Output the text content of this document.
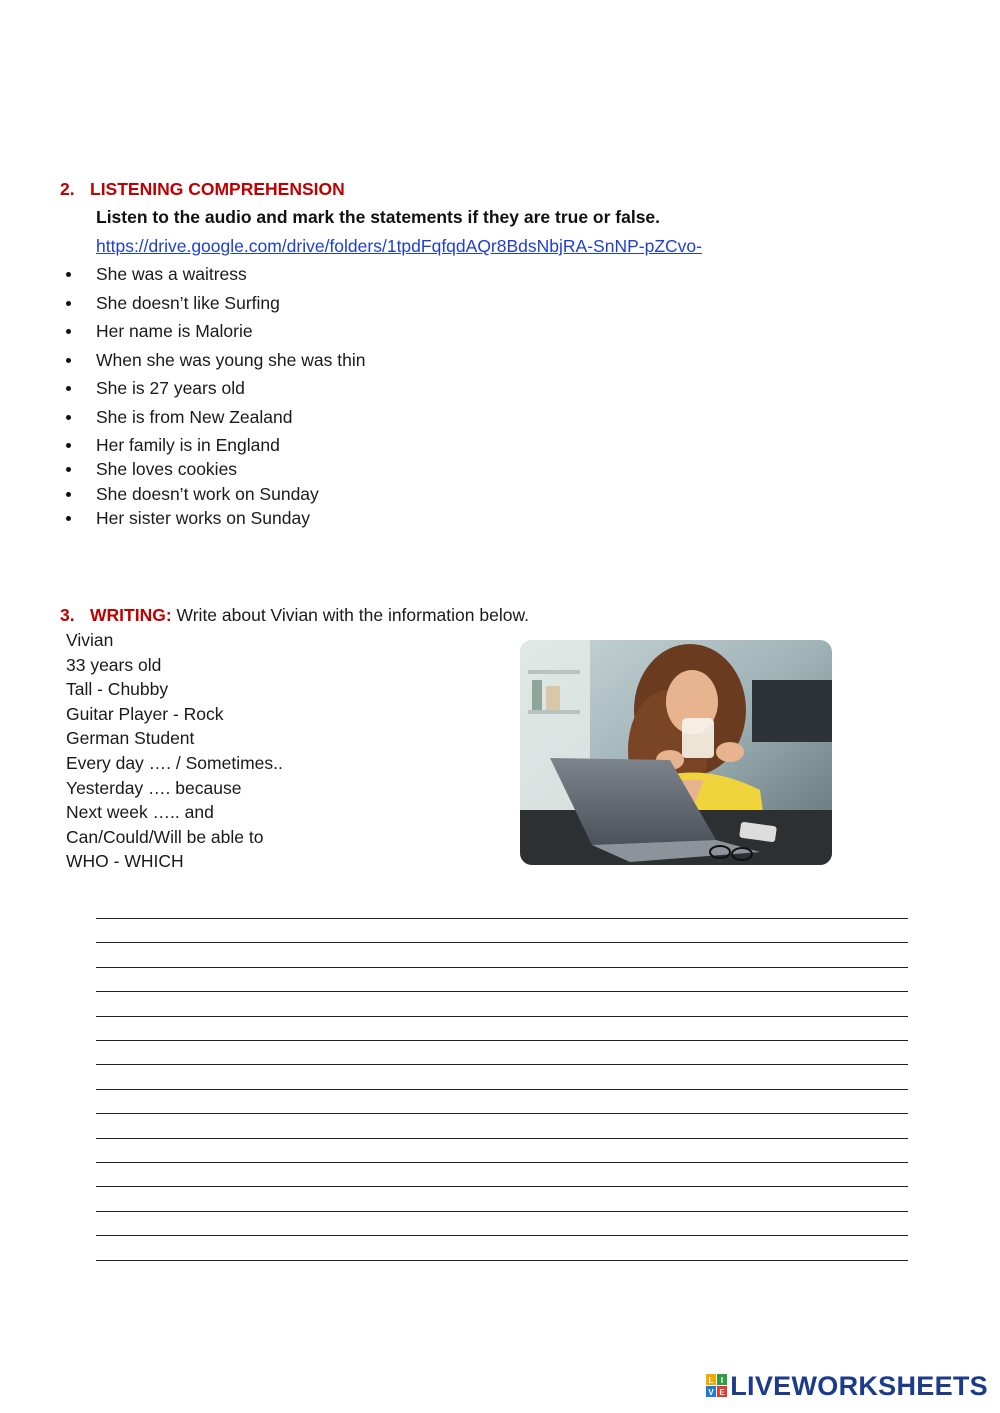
2. LISTENING COMPREHENSION
Listen to the audio and mark the statements if they are true or false.
https://drive.google.com/drive/folders/1tpdFqfqdAQr8BdsNbjRA-SnNP-pZCvo-
She was a waitress
She doesn’t like Surfing
Her name is Malorie
When she was young she was thin
She is 27 years old
She is from New Zealand
Her family is in England
She loves cookies
She doesn’t work on Sunday
Her sister works on Sunday
3. WRITING: Write about Vivian with the information below.
Vivian
33 years old
Tall - Chubby
Guitar Player - Rock
German Student
Every day …. / Sometimes..
Yesterday …. because
Next week ….. and
Can/Could/Will be able to
WHO - WHICH
L I
V E LIVEWORKSHEETS
